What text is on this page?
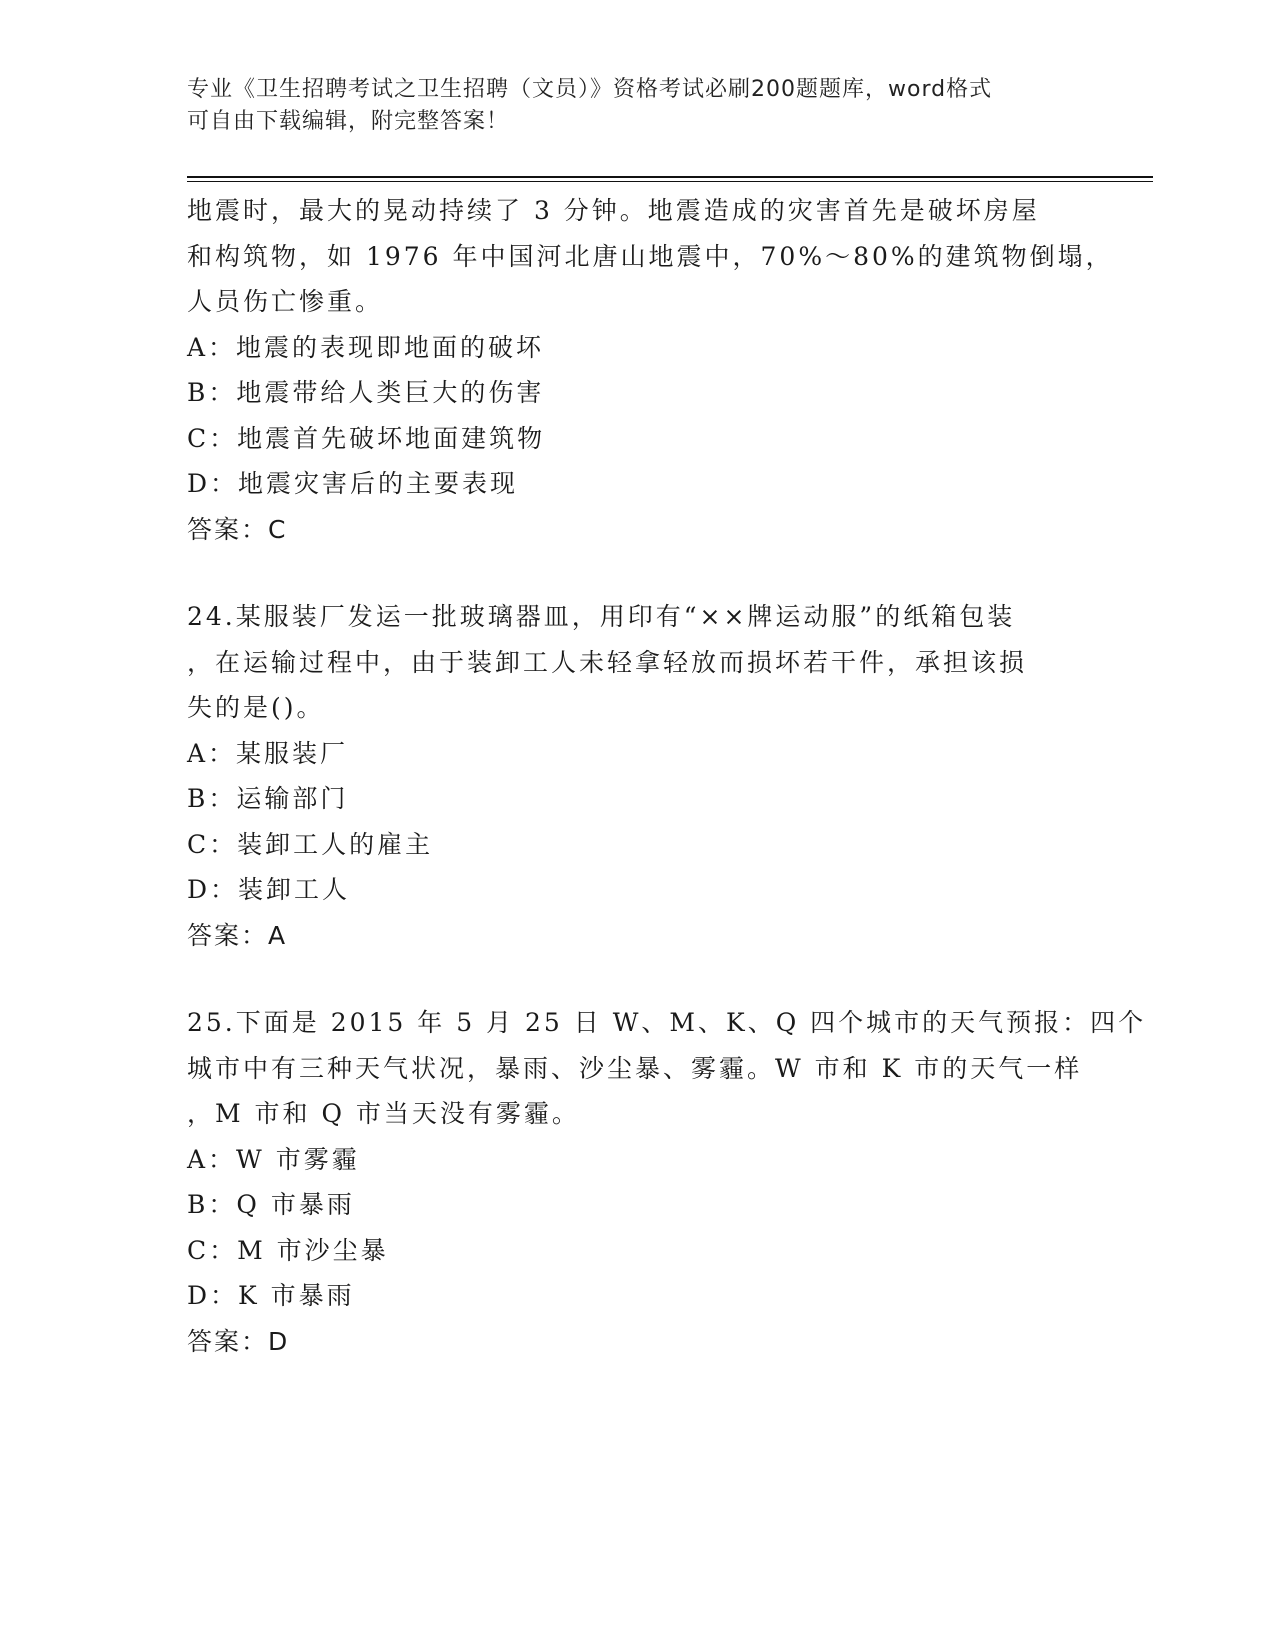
专业《卫生招聘考试之卫生招聘（文员）》资格考试必刷200题题库，word格式
可自由下载编辑，附完整答案！
地震时，最大的晃动持续了 3 分钟。地震造成的灾害首先是破坏房屋
和构筑物，如 1976 年中国河北唐山地震中，70%～80%的建筑物倒塌，
人员伤亡惨重。
A：地震的表现即地面的破坏
B：地震带给人类巨大的伤害
C：地震首先破坏地面建筑物
D：地震灾害后的主要表现
答案：C
24.某服装厂发运一批玻璃器皿，用印有“××牌运动服”的纸箱包装
，在运输过程中，由于装卸工人未轻拿轻放而损坏若干件，承担该损
失的是()。
A：某服装厂
B：运输部门
C：装卸工人的雇主
D：装卸工人
答案：A
25.下面是 2015 年 5 月 25 日 W、M、K、Q 四个城市的天气预报：四个
城市中有三种天气状况，暴雨、沙尘暴、雾霾。W 市和 K 市的天气一样
，M 市和 Q 市当天没有雾霾。
A：W 市雾霾
B：Q 市暴雨
C：M 市沙尘暴
D：K 市暴雨
答案：D
